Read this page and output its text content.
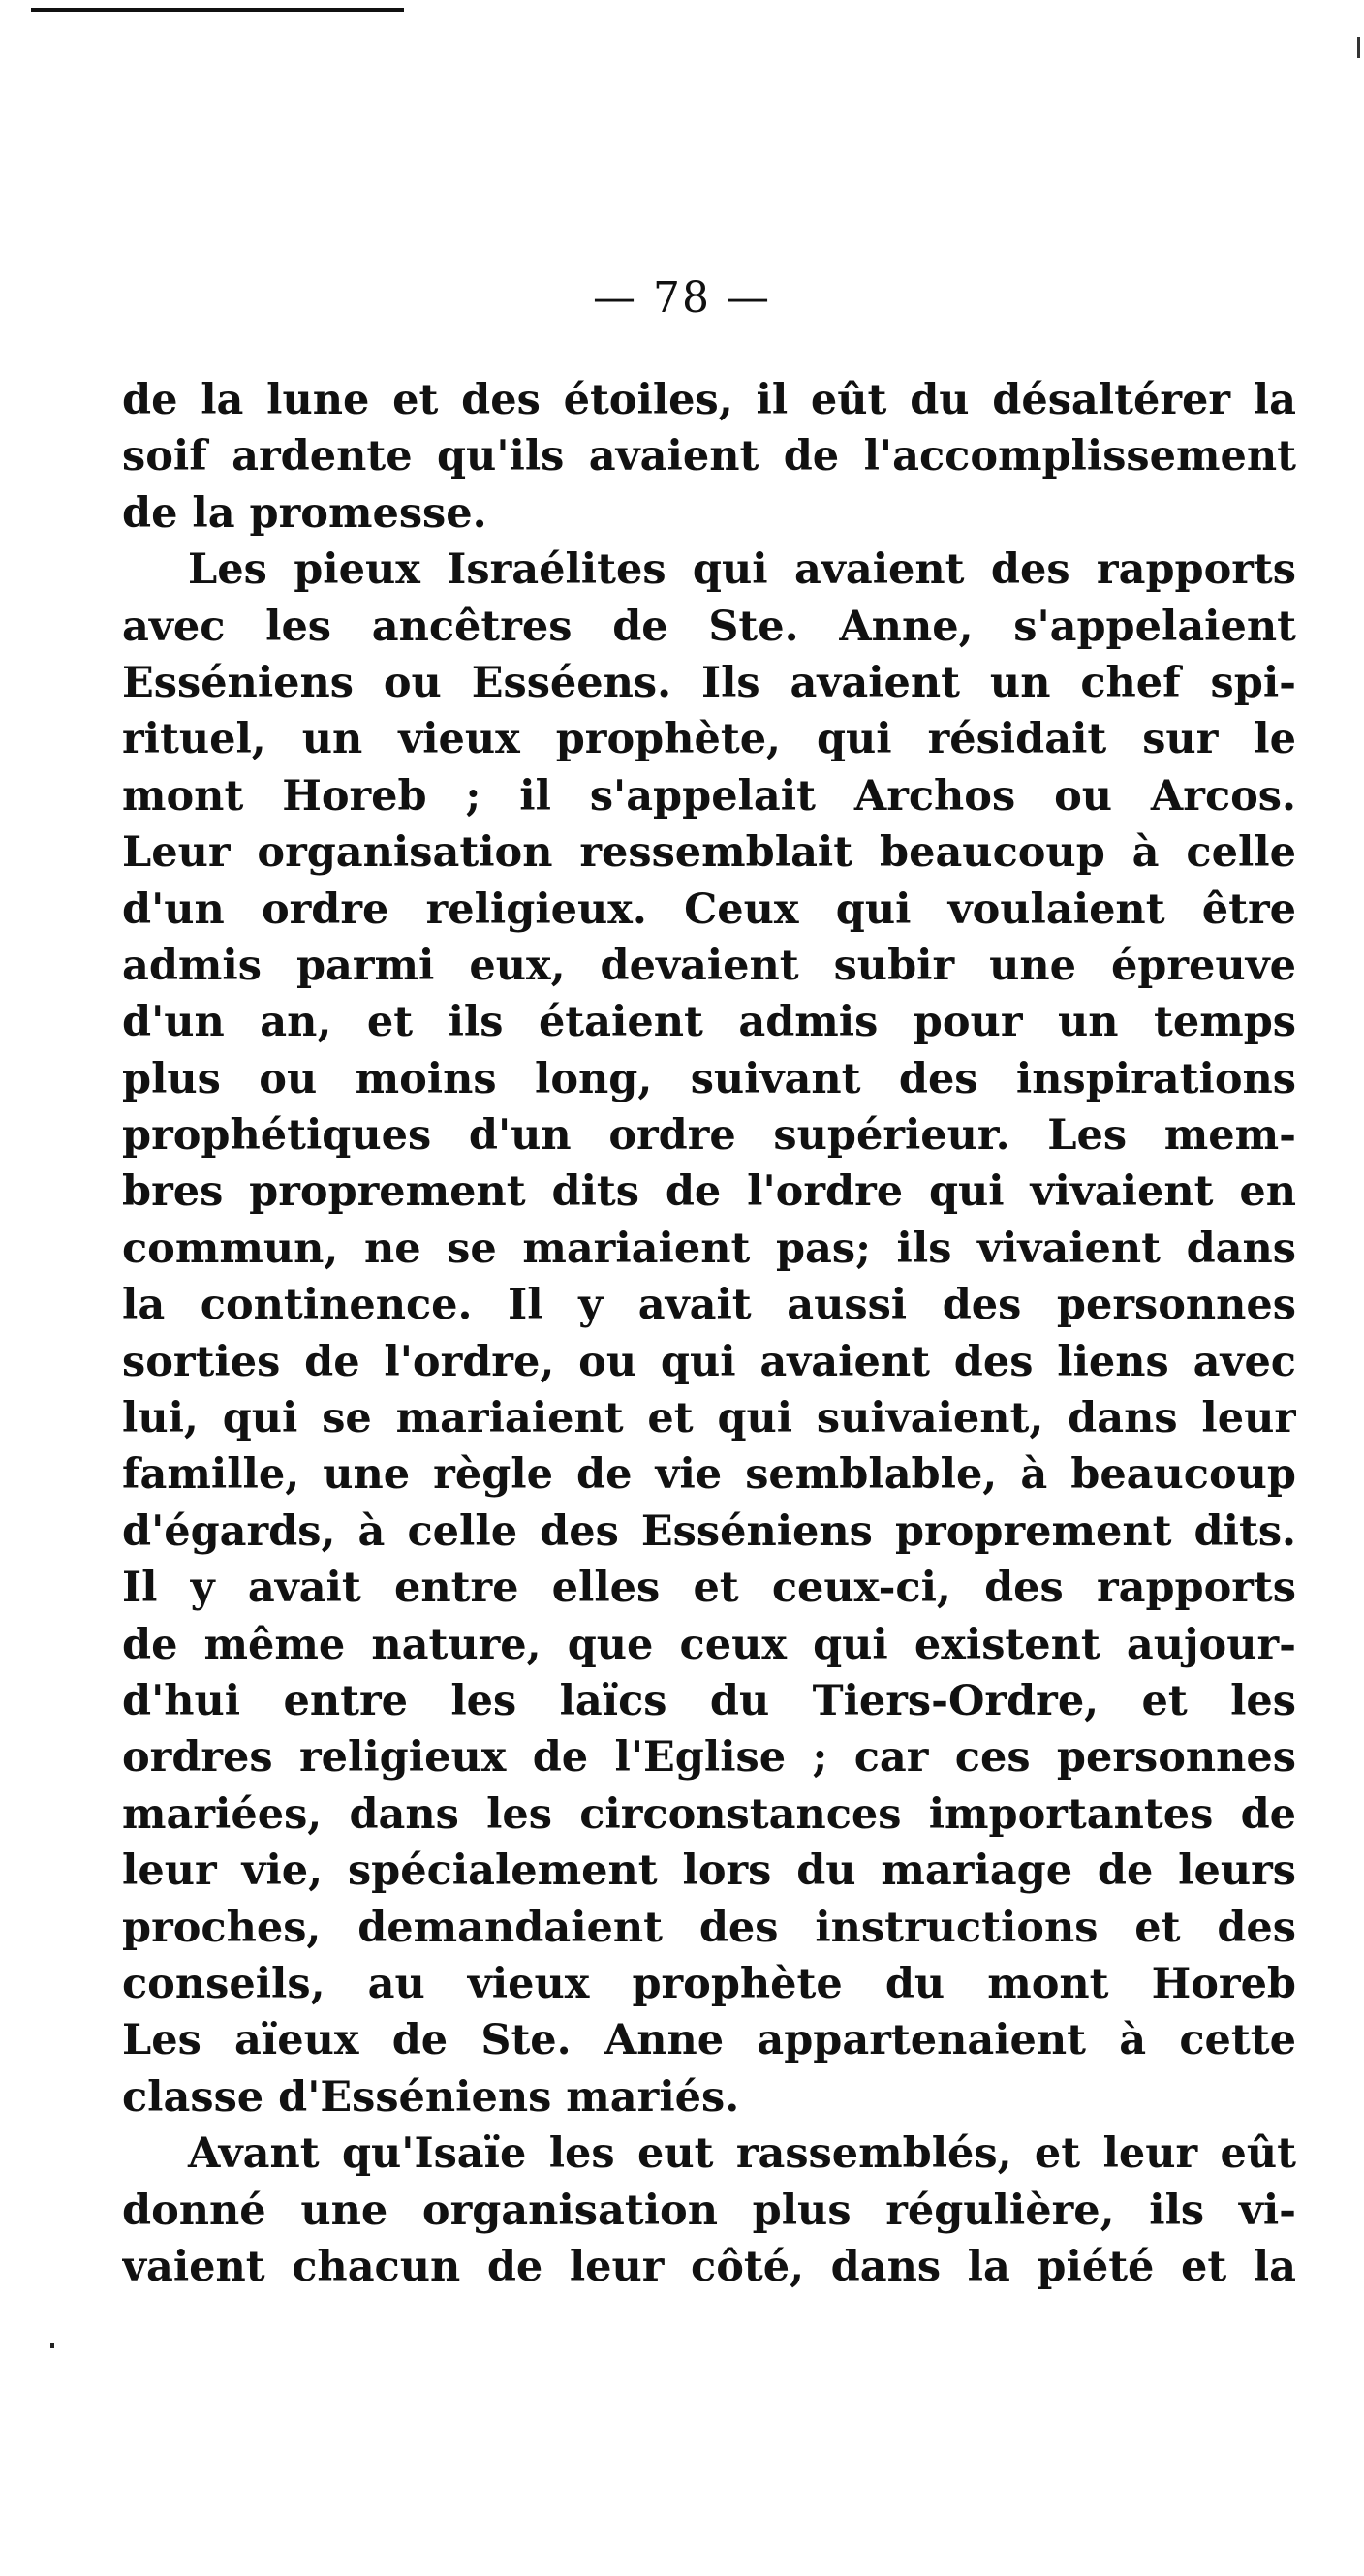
— 78 —
de la lune et des étoiles, il eût du désaltérer la
soif ardente qu'ils avaient de l'accomplissement
de la promesse.
Les pieux Israélites qui avaient des rapports
avec les ancêtres de Ste. Anne, s'appelaient
Esséniens ou Esséens. Ils avaient un chef spi-
rituel, un vieux prophète, qui résidait sur le
mont Horeb ; il s'appelait Archos ou Arcos.
Leur organisation ressemblait beaucoup à celle
d'un ordre religieux. Ceux qui voulaient être
admis parmi eux, devaient subir une épreuve
d'un an, et ils étaient admis pour un temps
plus ou moins long, suivant des inspirations
prophétiques d'un ordre supérieur. Les mem-
bres proprement dits de l'ordre qui vivaient en
commun, ne se mariaient pas; ils vivaient dans
la continence. Il y avait aussi des personnes
sorties de l'ordre, ou qui avaient des liens avec
lui, qui se mariaient et qui suivaient, dans leur
famille, une règle de vie semblable, à beaucoup
d'égards, à celle des Esséniens proprement dits.
Il y avait entre elles et ceux-ci, des rapports
de même nature, que ceux qui existent aujour-
d'hui entre les laïcs du Tiers-Ordre, et les
ordres religieux de l'Eglise ; car ces personnes
mariées, dans les circonstances importantes de
leur vie, spécialement lors du mariage de leurs
proches, demandaient des instructions et des
conseils, au vieux prophète du mont Horeb
Les aïeux de Ste. Anne appartenaient à cette
classe d'Esséniens mariés.
Avant qu'Isaïe les eut rassemblés, et leur eût
donné une organisation plus régulière, ils vi-
vaient chacun de leur côté, dans la piété et la
